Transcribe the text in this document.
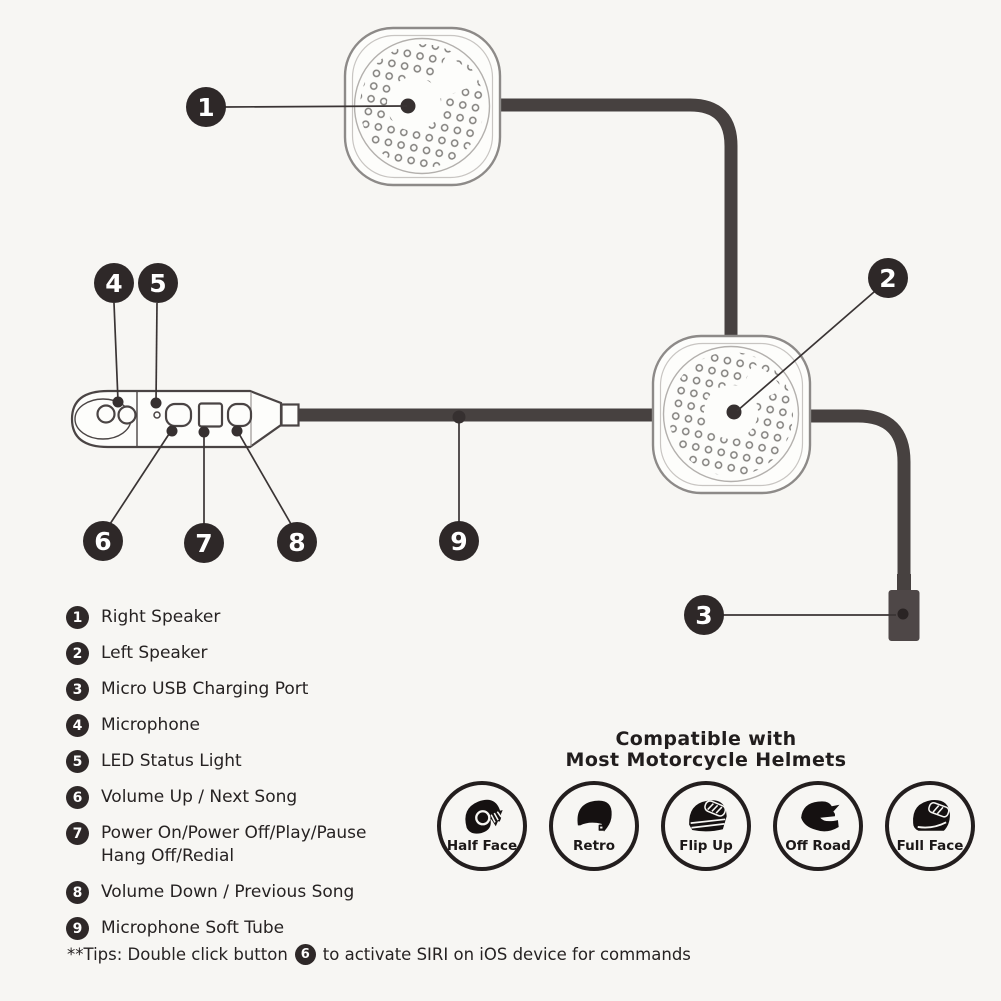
1
2
3
4	5
6	7	8	9
1	Right Speaker
2	Left Speaker
3	Micro USB Charging Port
4	Microphone
5	LED Status Light
6	Volume Up / Next Song
7	Power On/Power Off/Play/Pause
Hang Off/Redial
8	Volume Down / Previous Song
9	Microphone Soft Tube
Compatible with
Most Motorcycle Helmets
Half Face	Retro	Flip Up	Off Road	Full Face
**Tips: Double click button 6 to activate SIRI on iOS device for commands
